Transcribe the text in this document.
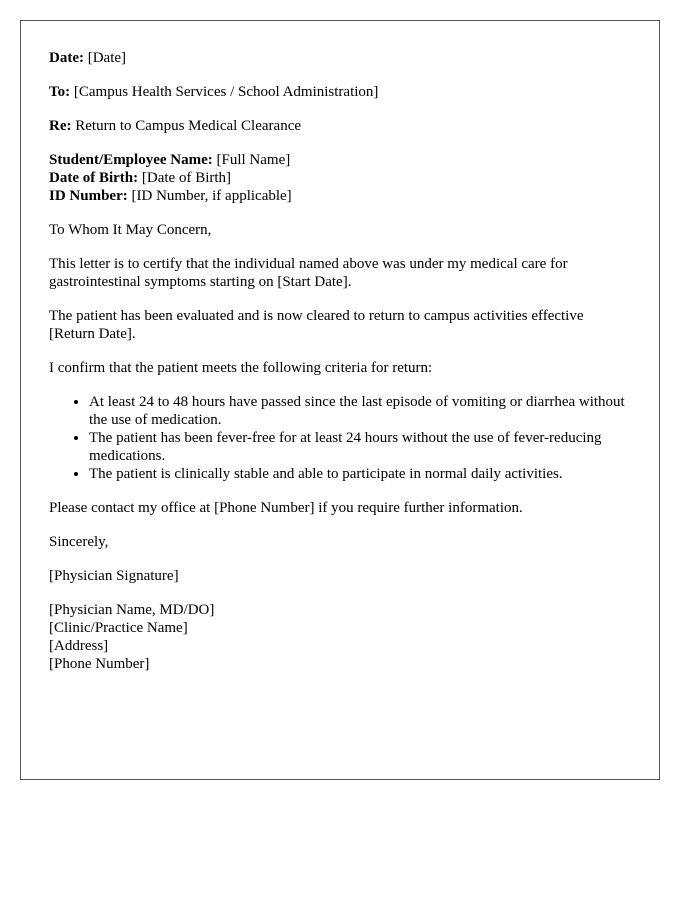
Date: [Date]
To: [Campus Health Services / School Administration]
Re: Return to Campus Medical Clearance
Student/Employee Name: [Full Name]
Date of Birth: [Date of Birth]
ID Number: [ID Number, if applicable]
To Whom It May Concern,
This letter is to certify that the individual named above was under my medical care for gastrointestinal symptoms starting on [Start Date].
The patient has been evaluated and is now cleared to return to campus activities effective [Return Date].
I confirm that the patient meets the following criteria for return:
• At least 24 to 48 hours have passed since the last episode of vomiting or diarrhea without the use of medication.
• The patient has been fever-free for at least 24 hours without the use of fever-reducing medications.
• The patient is clinically stable and able to participate in normal daily activities.
Please contact my office at [Phone Number] if you require further information.
Sincerely,
[Physician Signature]
[Physician Name, MD/DO]
[Clinic/Practice Name]
[Address]
[Phone Number]
